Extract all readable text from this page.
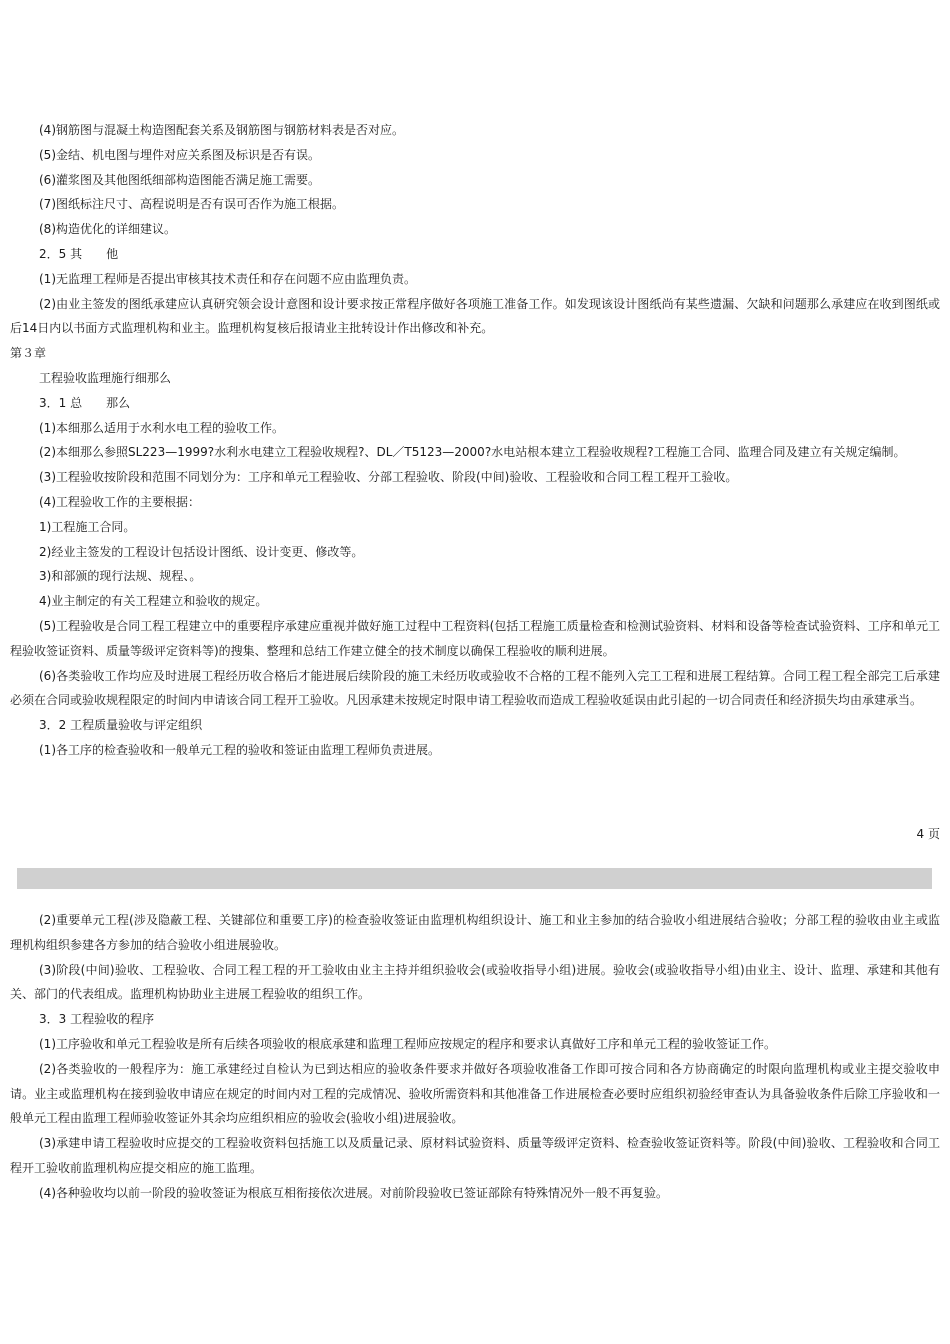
(4)钢筋图与混凝土构造图配套关系及钢筋图与钢筋材料表是否对应。

(5)金结、机电图与埋件对应关系图及标识是否有误。

(6)灌浆图及其他图纸细部构造图能否满足施工需要。

(7)图纸标注尺寸、高程说明是否有误可否作为施工根据。

(8)构造优化的详细建议。

2．5 其　　他

(1)无监理工程师是否提出审核其技术责任和存在问题不应由监理负责。

(2)由业主签发的图纸承建应认真研究领会设计意图和设计要求按正常程序做好各项施工准备工作。如发现该设计图纸尚有某些遗漏、欠缺和问题那么承建应在收到图纸或后14日内以书面方式监理机构和业主。监理机构复核后报请业主批转设计作出修改和补充。

第３章

工程验收监理施行细那么

3．1 总　　那么

(1)本细那么适用于水利水电工程的验收工作。

(2)本细那么参照SL223—1999?水利水电建立工程验收规程?、DL／T5123—2000?水电站根本建立工程验收规程?工程施工合同、监理合同及建立有关规定编制。

(3)工程验收按阶段和范围不同划分为：工序和单元工程验收、分部工程验收、阶段(中间)验收、工程验收和合同工程工程开工验收。

(4)工程验收工作的主要根据：

1)工程施工合同。

2)经业主签发的工程设计包括设计图纸、设计变更、修改等。

3)和部颁的现行法规、规程、。

4)业主制定的有关工程建立和验收的规定。

(5)工程验收是合同工程工程建立中的重要程序承建应重视并做好施工过程中工程资料(包括工程施工质量检查和检测试验资料、材料和设备等检查试验资料、工序和单元工程验收签证资料、质量等级评定资料等)的搜集、整理和总结工作建立健全的技术制度以确保工程验收的顺利进展。

(6)各类验收工作均应及时进展工程经历收合格后才能进展后续阶段的施工未经历收或验收不合格的工程不能列入完工工程和进展工程结算。合同工程工程全部完工后承建必须在合同或验收规程限定的时间内申请该合同工程开工验收。凡因承建未按规定时限申请工程验收而造成工程验收延误由此引起的一切合同责任和经济损失均由承建承当。

3．2 工程质量验收与评定组织

(1)各工序的检查验收和一般单元工程的验收和签证由监理工程师负责进展。

4 页

(2)重要单元工程(涉及隐蔽工程、关键部位和重要工序)的检查验收签证由监理机构组织设计、施工和业主参加的结合验收小组进展结合验收；分部工程的验收由业主或监理机构组织参建各方参加的结合验收小组进展验收。

(3)阶段(中间)验收、工程验收、合同工程工程的开工验收由业主主持并组织验收会(或验收指导小组)进展。验收会(或验收指导小组)由业主、设计、监理、承建和其他有关、部门的代表组成。监理机构协助业主进展工程验收的组织工作。

3．3 工程验收的程序

(1)工序验收和单元工程验收是所有后续各项验收的根底承建和监理工程师应按规定的程序和要求认真做好工序和单元工程的验收签证工作。

(2)各类验收的一般程序为：施工承建经过自检认为已到达相应的验收条件要求并做好各项验收准备工作即可按合同和各方协商确定的时限向监理机构或业主提交验收申请。业主或监理机构在接到验收申请应在规定的时间内对工程的完成情况、验收所需资料和其他准备工作进展检查必要时应组织初验经审查认为具备验收条件后除工序验收和一般单元工程由监理工程师验收签证外其余均应组织相应的验收会(验收小组)进展验收。

(3)承建申请工程验收时应提交的工程验收资料包括施工以及质量记录、原材料试验资料、质量等级评定资料、检查验收签证资料等。阶段(中间)验收、工程验收和合同工程开工验收前监理机构应提交相应的施工监理。

(4)各种验收均以前一阶段的验收签证为根底互相衔接依次进展。对前阶段验收已签证部除有特殊情况外一般不再复验。
